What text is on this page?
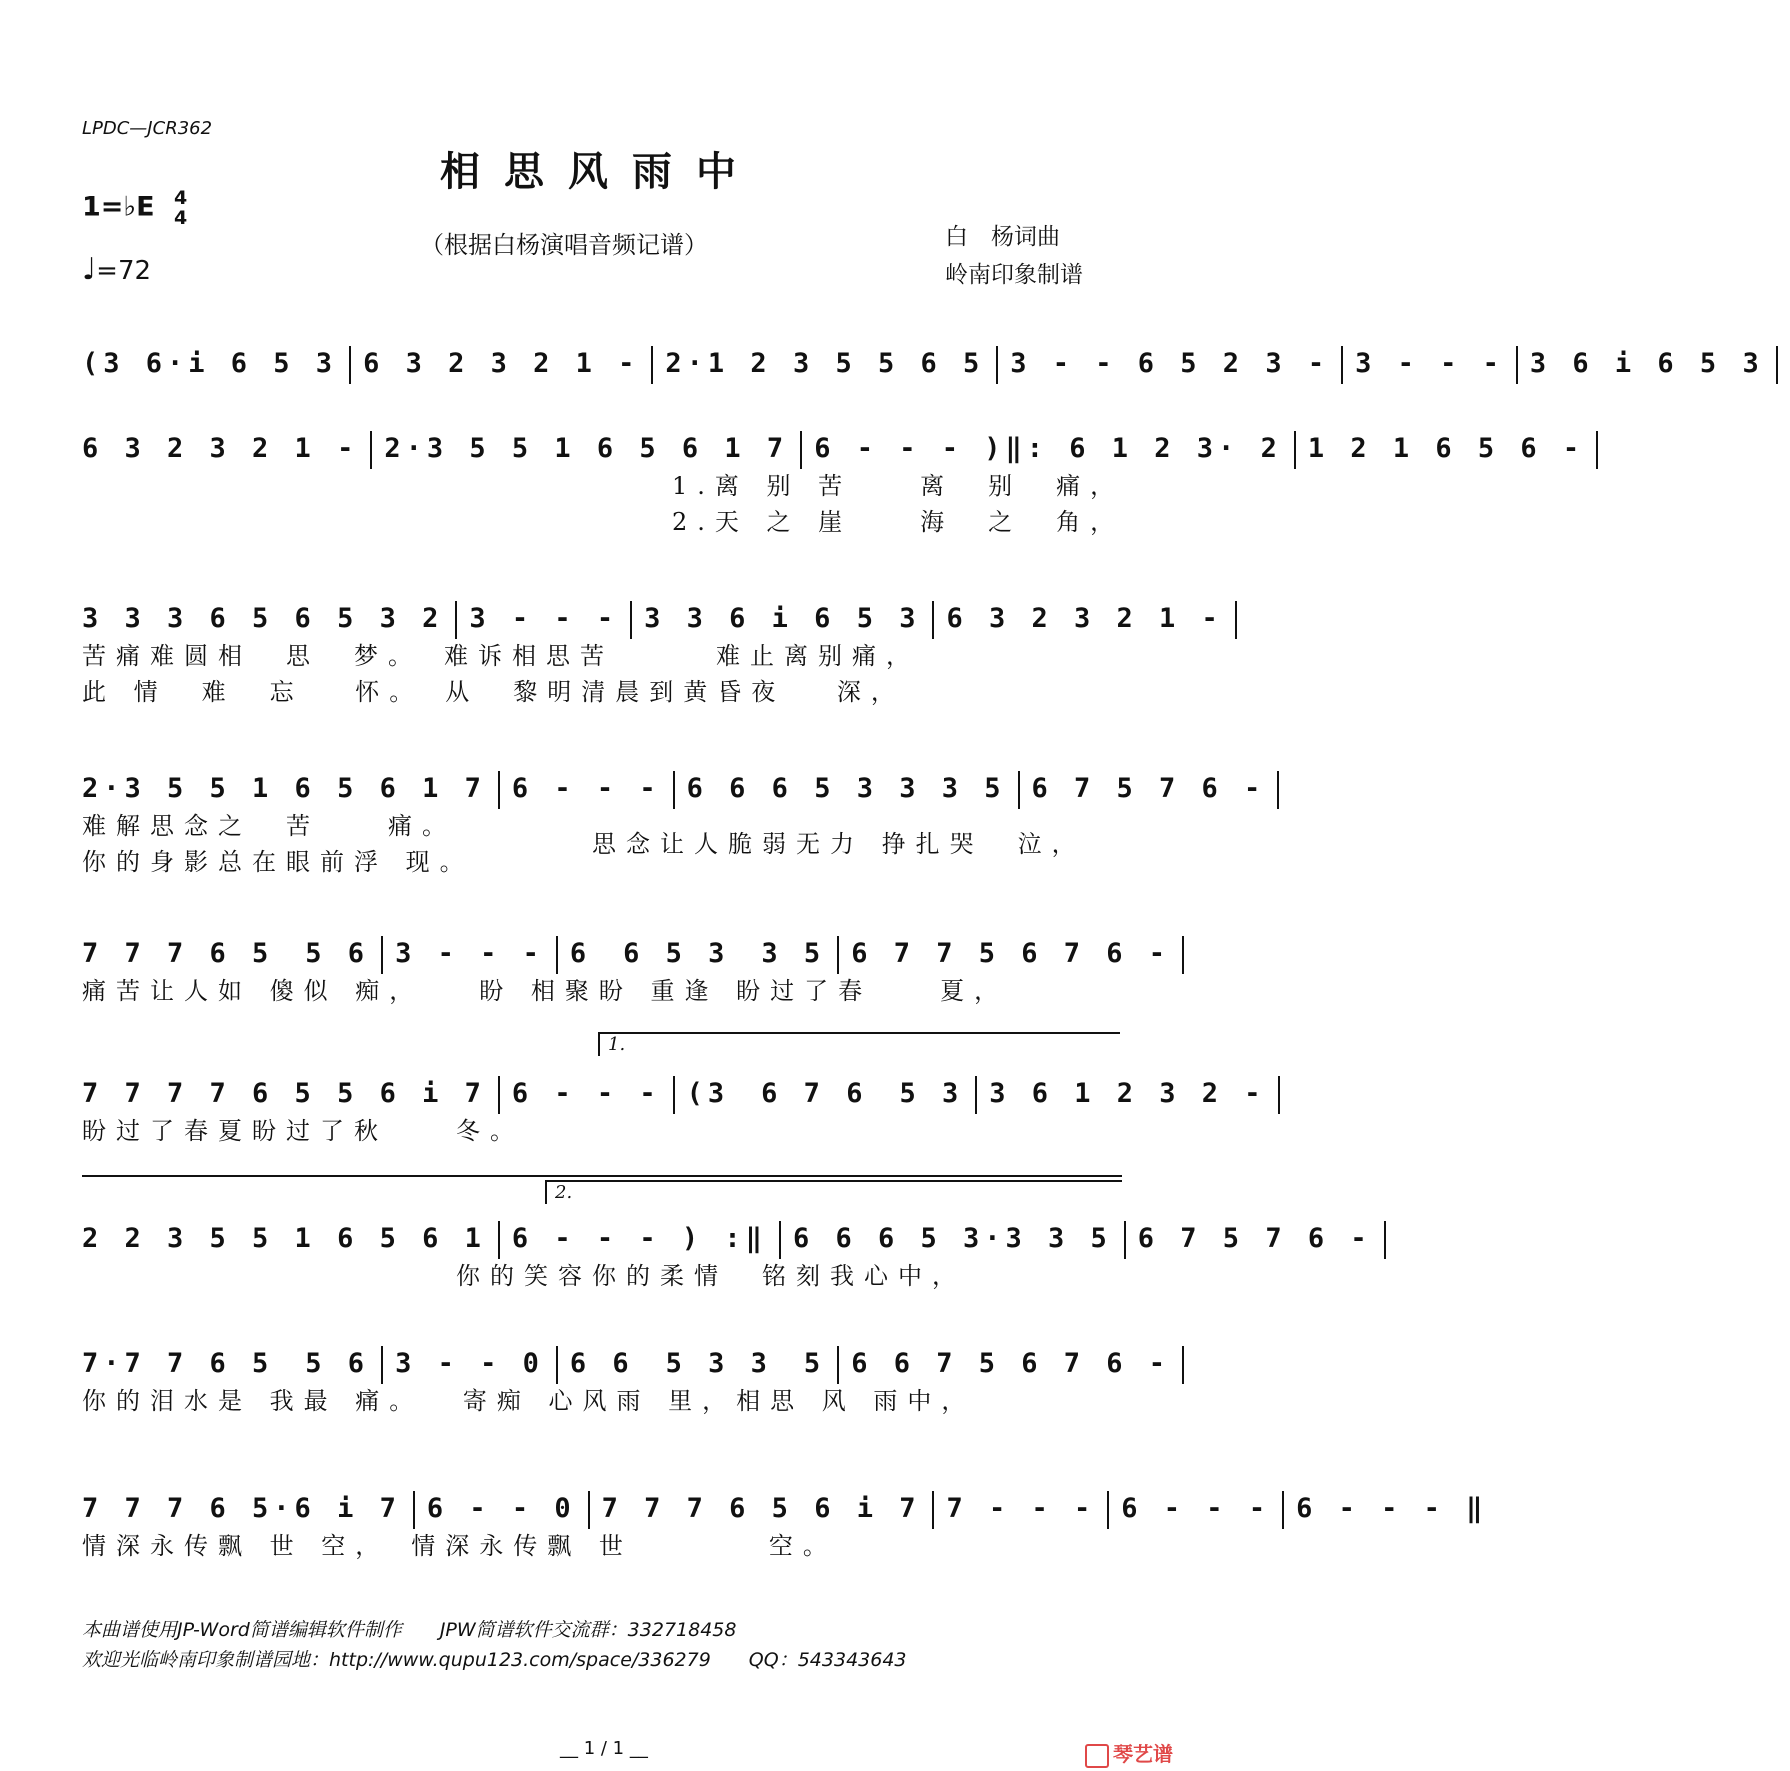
LPDC—JCR362
相思风雨中
1=♭E 4
4
♩=72
（根据白杨演唱音频记谱）	白　杨词曲
岭南印象制谱
(3 6·i 6 5 3 6 3 2 3 2 1 - 2·1 2 3 5 5 6 5 3 - - 6 5 2 3 - 3 - - - 3 6 i 6 5 3
6 3 2 3 2 1 - 2·3 5 5 1 6 5 6 1 7 6 - - - )‖: 6 1 2 3· 2 1 2 1 6 5 6 -
1.离 别 苦　　离　别　痛，
2.天 之 崖　　海　之　角，
3 3 3 6 5 6 5 3 2 3 - - - 3 3 6 i 6 5 3 6 3 2 3 2 1 -
苦痛难圆相　思　梦。　难诉相思苦　　　难止离别痛，
此 情　难　忘　 怀。　从　黎明清晨到黄昏夜　 深，
2·3 5 5 1 6 5 6 1 7 6 - - - 6 6 6 5 3 3 3 5 6 7 5 7 6 -
难解思念之　苦　　痛。
你的身影总在眼前浮 现。
思念让人脆弱无力 挣扎哭　泣，
7 7 7 6 5　5 6 3 - - - 6　6 5 3　3 5 6 7 7 5 6 7 6 -
痛苦让人如 傻似 痴，　　盼 相聚盼 重逢 盼过了春　　夏，
1.
7 7 7 7 6 5 5 6 i 7 6 - - - (3　6 7 6　5 3 3 6 1 2 3 2 -
盼过了春夏盼过了秋　　冬。
2.
2 2 3 5 5 1 6 5 6 1 6 - - - ) :‖ 6 6 6 5 3·3 3 5 6 7 5 7 6 -
　　　　　　　　　　　你的笑容你的柔情　铭刻我心中，
7·7 7 6 5　5 6 3 - - 0 6 6　5 3 3　5 6 6 7 5 6 7 6 -
你的泪水是 我最 痛。　 寄痴 心风雨 里，相思 风 雨中，
7 7 7 6 5·6 i 7 6 - - 0 7 7 7 6 5 6 i 7 7 - - - 6 - - - 6 - - - ‖
情深永传飘 世 空，　情深永传飘 世　　　　空。
本曲谱使用JP-Word简谱编辑软件制作　　JPW简谱软件交流群：332718458
欢迎光临岭南印象制谱园地：http://www.qupu123.com/space/336279　　QQ：543343643
__ 1 / 1 __	琴艺谱
